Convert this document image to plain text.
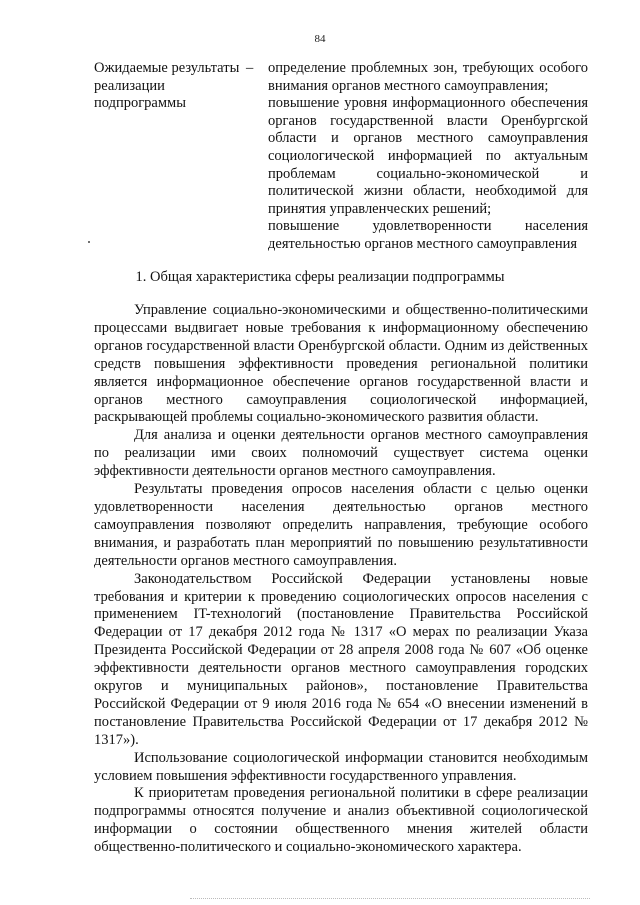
84
Ожидаемые результаты реализации подпрограммы
–	определение проблемных зон, требующих особого внимания органов местного самоуправления;

повышение уровня информационного обеспечения органов государственной власти Оренбургской области и органов местного самоуправления социологической информацией по актуальным проблемам социально-экономической и политической жизни области, необходимой для принятия управленческих решений;

повышение удовлетворенности населения деятельностью органов местного самоуправления

1. Общая характеристика сферы реализации подпрограммы

Управление социально-экономическими и общественно-политическими процессами выдвигает новые требования к информационному обеспечению органов государственной власти Оренбургской области. Одним из действенных средств повышения эффективности проведения региональной политики является информационное обеспечение органов государственной власти и органов местного самоуправления социологической информацией, раскрывающей проблемы социально-экономического развития области.

Для анализа и оценки деятельности органов местного самоуправления по реализации ими своих полномочий существует система оценки эффективности деятельности органов местного самоуправления.

Результаты проведения опросов населения области с целью оценки удовлетворенности населения деятельностью органов местного самоуправления позволяют определить направления, требующие особого внимания, и разработать план мероприятий по повышению результативности деятельности органов местного самоуправления.

Законодательством Российской Федерации установлены новые требования и критерии к проведению социологических опросов населения с применением IT-технологий (постановление Правительства Российской Федерации от 17 декабря 2012 года № 1317 «О мерах по реализации Указа Президента Российской Федерации от 28 апреля 2008 года № 607 «Об оценке эффективности деятельности органов местного самоуправления городских округов и муниципальных районов», постановление Правительства Российской Федерации от 9 июля 2016 года № 654 «О внесении изменений в постановление Правительства Российской Федерации от 17 декабря 2012 № 1317»).

Использование социологической информации становится необходимым условием повышения эффективности государственного управления.

К приоритетам проведения региональной политики в сфере реализации подпрограммы относятся получение и анализ объективной социологической информации о состоянии общественного мнения жителей области общественно-политического и социально-экономического характера.
